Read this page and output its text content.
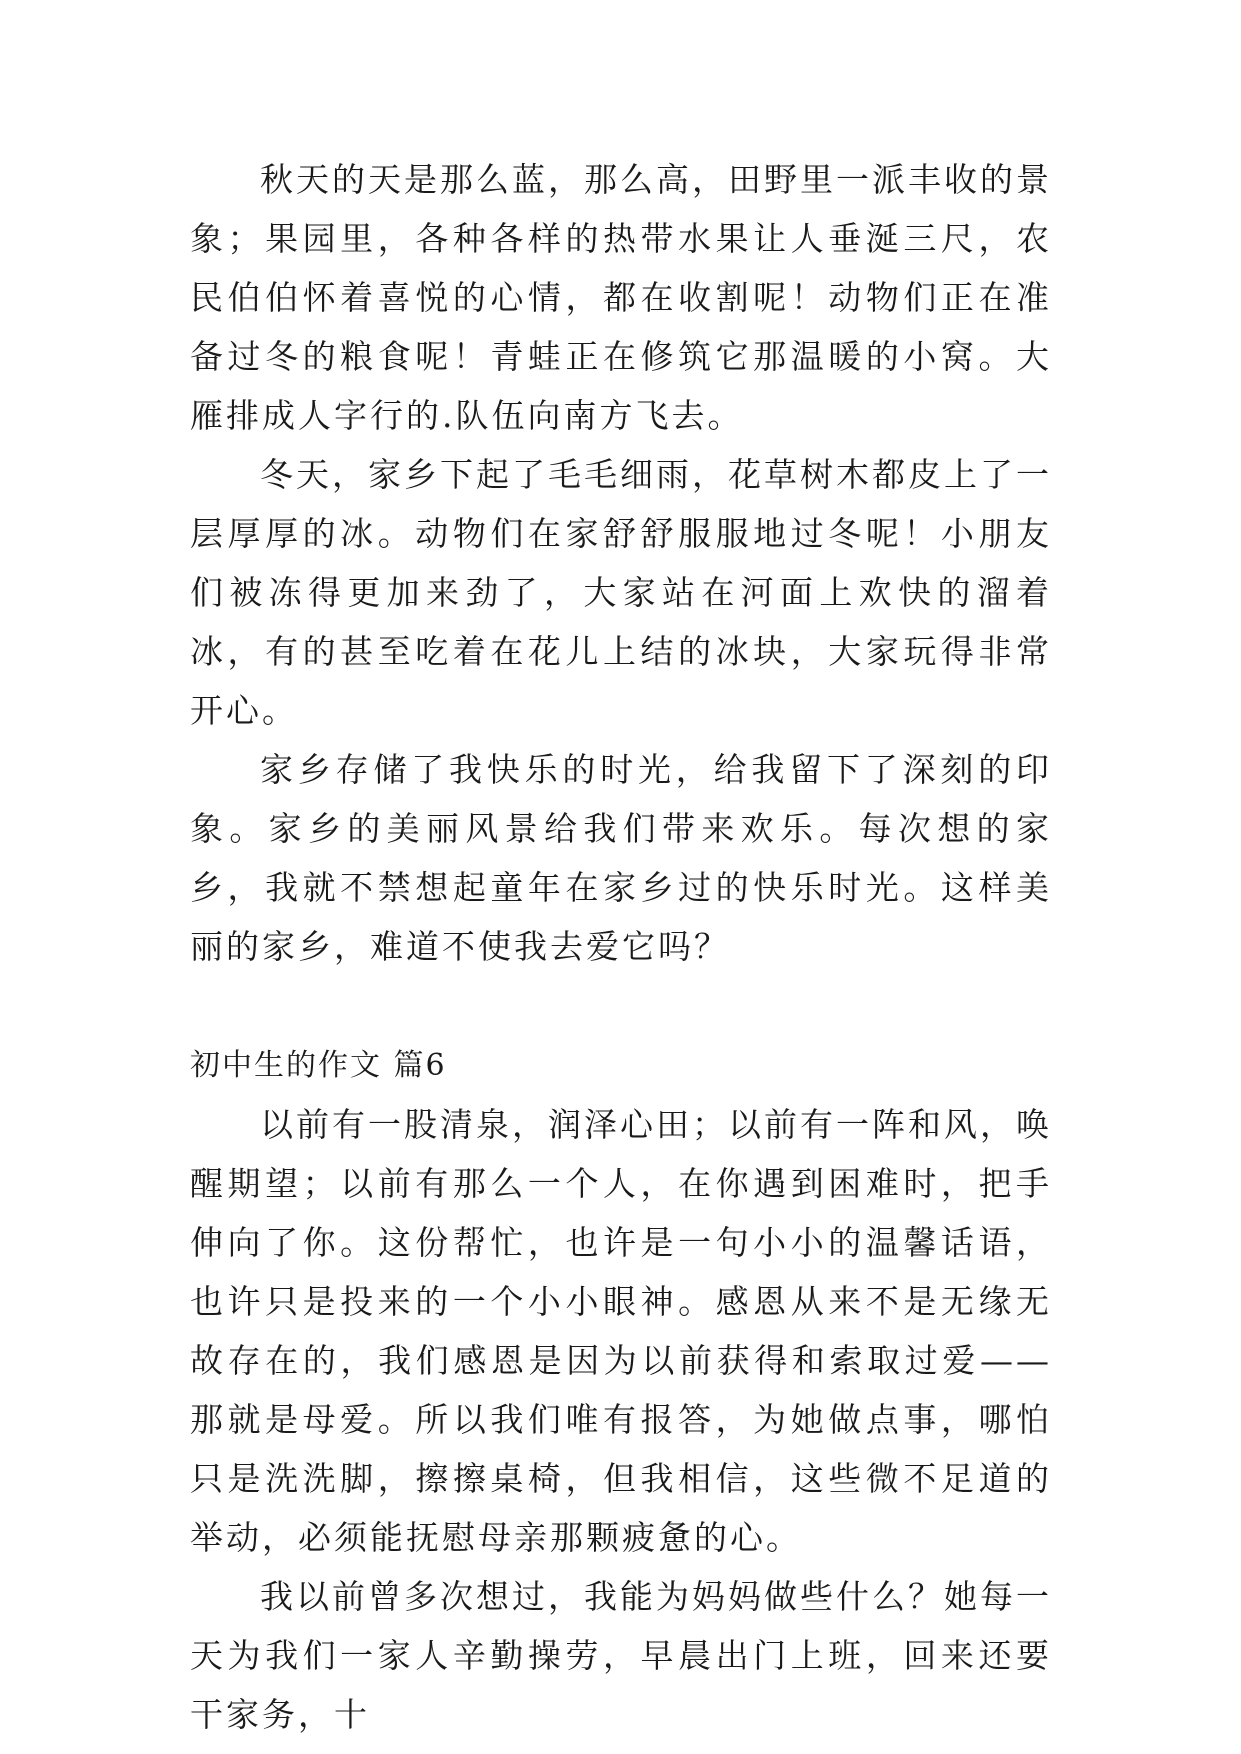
秋天的天是那么蓝，那么高，田野里一派丰收的景象；果园里，各种各样的热带水果让人垂涎三尺，农民伯伯怀着喜悦的心情，都在收割呢！动物们正在准备过冬的粮食呢！青蛙正在修筑它那温暖的小窝。大雁排成人字行的.队伍向南方飞去。

冬天，家乡下起了毛毛细雨，花草树木都皮上了一层厚厚的冰。动物们在家舒舒服服地过冬呢！小朋友们被冻得更加来劲了，大家站在河面上欢快的溜着冰，有的甚至吃着在花儿上结的冰块，大家玩得非常开心。

家乡存储了我快乐的时光，给我留下了深刻的印象。家乡的美丽风景给我们带来欢乐。每次想的家乡，我就不禁想起童年在家乡过的快乐时光。这样美丽的家乡，难道不使我去爱它吗？

初中生的作文 篇6

以前有一股清泉，润泽心田；以前有一阵和风，唤醒期望；以前有那么一个人，在你遇到困难时，把手伸向了你。这份帮忙，也许是一句小小的温馨话语，也许只是投来的一个小小眼神。感恩从来不是无缘无故存在的，我们感恩是因为以前获得和索取过爱——那就是母爱。所以我们唯有报答，为她做点事，哪怕只是洗洗脚，擦擦桌椅，但我相信，这些微不足道的举动，必须能抚慰母亲那颗疲惫的心。

我以前曾多次想过，我能为妈妈做些什么？她每一天为我们一家人辛勤操劳，早晨出门上班，回来还要干家务，十
